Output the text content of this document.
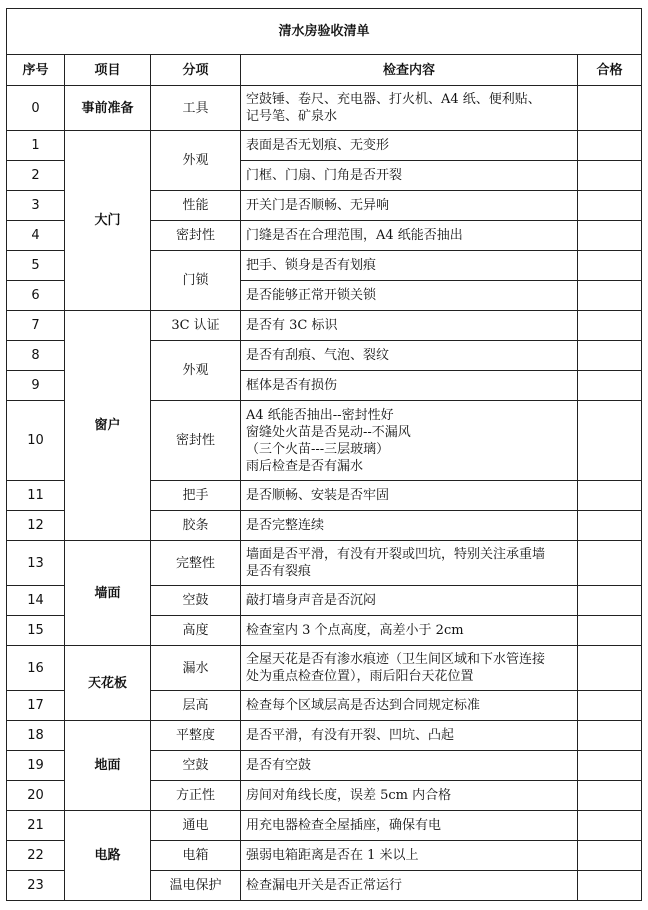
清水房验收清单				
序号	项目	分项	检查内容	合格
0	事前准备	工具	空鼓锤、卷尺、充电器、打火机、A4 纸、便利贴、
记号笔、矿泉水	

1	大门	外观	表面是否无划痕、无变形	

2			门框、门扇、门角是否开裂	

3		性能	开关门是否顺畅、无异响	

4		密封性	门缝是否在合理范围，A4 纸能否抽出	

5		门锁	把手、锁身是否有划痕	

6			是否能够正常开锁关锁	

7	窗户	3C 认证	是否有 3C 标识	

8		外观	是否有刮痕、气泡、裂纹	

9			框体是否有损伤	

10		密封性	A4 纸能否抽出--密封性好
窗缝处火苗是否晃动--不漏风
（三个火苗---三层玻璃）
雨后检查是否有漏水	

11		把手	是否顺畅、安装是否牢固	

12		胶条	是否完整连续	

13	墙面	完整性	墙面是否平滑，有没有开裂或凹坑，特别关注承重墙
是否有裂痕	

14		空鼓	敲打墙身声音是否沉闷	

15		高度	检查室内 3 个点高度，高差小于 2cm	

16	天花板	漏水	全屋天花是否有渗水痕迹（卫生间区域和下水管连接
处为重点检查位置），雨后阳台天花位置	

17		层高	检查每个区域层高是否达到合同规定标准	

18	地面	平整度	是否平滑，有没有开裂、凹坑、凸起	

19		空鼓	是否有空鼓	

20		方正性	房间对角线长度，误差 5cm 内合格	

21	电路	通电	用充电器检查全屋插座，确保有电	

22		电箱	强弱电箱距离是否在 1 米以上	

23		温电保护	检查漏电开关是否正常运行	
